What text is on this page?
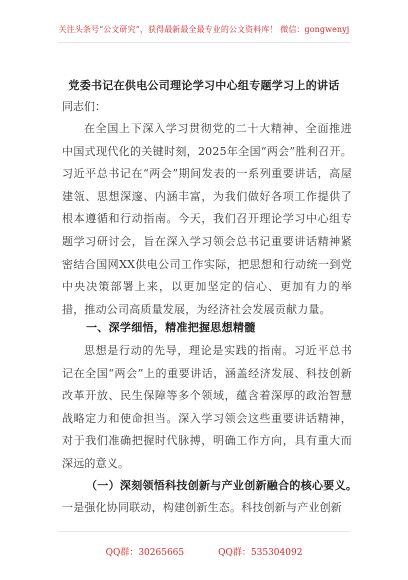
关注头条号“公文研究”，获得最新最全最专业的公文资料库！ 微信：gongwenyj
党委书记在供电公司理论学习中心组专题学习上的讲话
同志们：
在全国上下深入学习贯彻党的二十大精神、全面推进中国式现代化的关键时刻，2025年全国“两会”胜利召开。习近平总书记在“两会”期间发表的一系列重要讲话，高屋建瓴、思想深邃、内涵丰富，为我们做好各项工作提供了根本遵循和行动指南。今天，我们召开理论学习中心组专题学习研讨会，旨在深入学习领会总书记重要讲话精神紧密结合国网XX供电公司工作实际，把思想和行动统一到党中央决策部署上来，以更加坚定的信心、更加有力的举措，推动公司高质量发展，为经济社会发展贡献力量。
一、深学细悟，精准把握思想精髓
思想是行动的先导，理论是实践的指南。习近平总书记在全国“两会”上的重要讲话，涵盖经济发展、科技创新改革开放、民生保障等多个领域，蕴含着深厚的政治智慧战略定力和使命担当。深入学习领会这些重要讲话精神，对于我们准确把握时代脉搏，明确工作方向，具有重大而深远的意义。
（一）深刻领悟科技创新与产业创新融合的核心要义。
一是强化协同联动，构建创新生态。科技创新与产业创新
QQ群：30265665	QQ群：535304092
